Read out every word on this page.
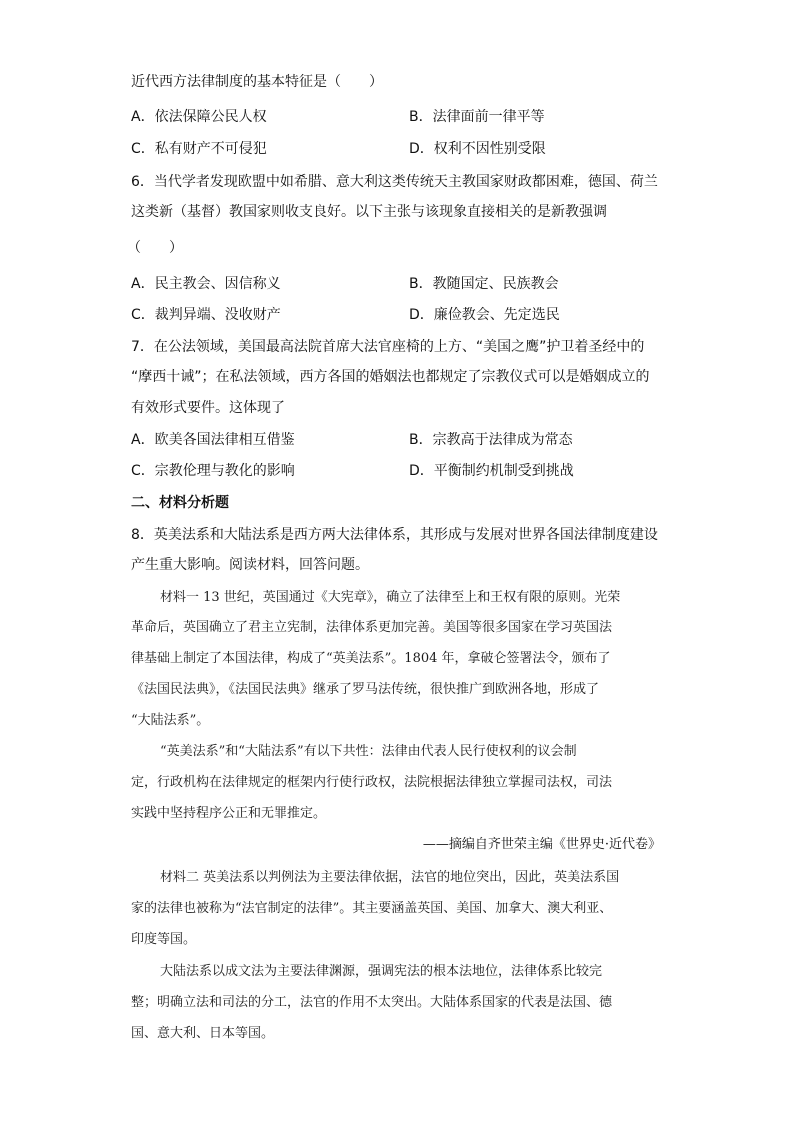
近代西方法律制度的基本特征是（　　）
A．依法保障公民人权	B．法律面前一律平等
C．私有财产不可侵犯	D．权利不因性别受限
6．当代学者发现欧盟中如希腊、意大利这类传统天主教国家财政都困难，德国、荷兰
这类新（基督）教国家则收支良好。以下主张与该现象直接相关的是新教强调
（　　）
A．民主教会、因信称义	B．教随国定、民族教会
C．裁判异端、没收财产	D．廉俭教会、先定选民
7．在公法领域，美国最高法院首席大法官座椅的上方、“美国之鹰”护卫着圣经中的
“摩西十诫”；在私法领域，西方各国的婚姻法也都规定了宗教仪式可以是婚姻成立的
有效形式要件。这体现了
A．欧美各国法律相互借鉴	B．宗教高于法律成为常态
C．宗教伦理与教化的影响	D．平衡制约机制受到挑战
二、材料分析题
8．英美法系和大陆法系是西方两大法律体系，其形成与发展对世界各国法律制度建设
产生重大影响。阅读材料，回答问题。
材料一 13 世纪，英国通过《大宪章》，确立了法律至上和王权有限的原则。光荣
革命后，英国确立了君主立宪制，法律体系更加完善。美国等很多国家在学习英国法
律基础上制定了本国法律，构成了“英美法系”。1804 年，拿破仑签署法令，颁布了
《法国民法典》，《法国民法典》继承了罗马法传统，很快推广到欧洲各地，形成了
“大陆法系”。
“英美法系”和“大陆法系”有以下共性：法律由代表人民行使权利的议会制
定，行政机构在法律规定的框架内行使行政权，法院根据法律独立掌握司法权，司法
实践中坚持程序公正和无罪推定。
——摘编自齐世荣主编《世界史·近代卷》
材料二 英美法系以判例法为主要法律依据，法官的地位突出，因此，英美法系国
家的法律也被称为“法官制定的法律”。其主要涵盖英国、美国、加拿大、澳大利亚、
印度等国。
大陆法系以成文法为主要法律渊源，强调宪法的根本法地位，法律体系比较完
整；明确立法和司法的分工，法官的作用不太突出。大陆体系国家的代表是法国、德
国、意大利、日本等国。
